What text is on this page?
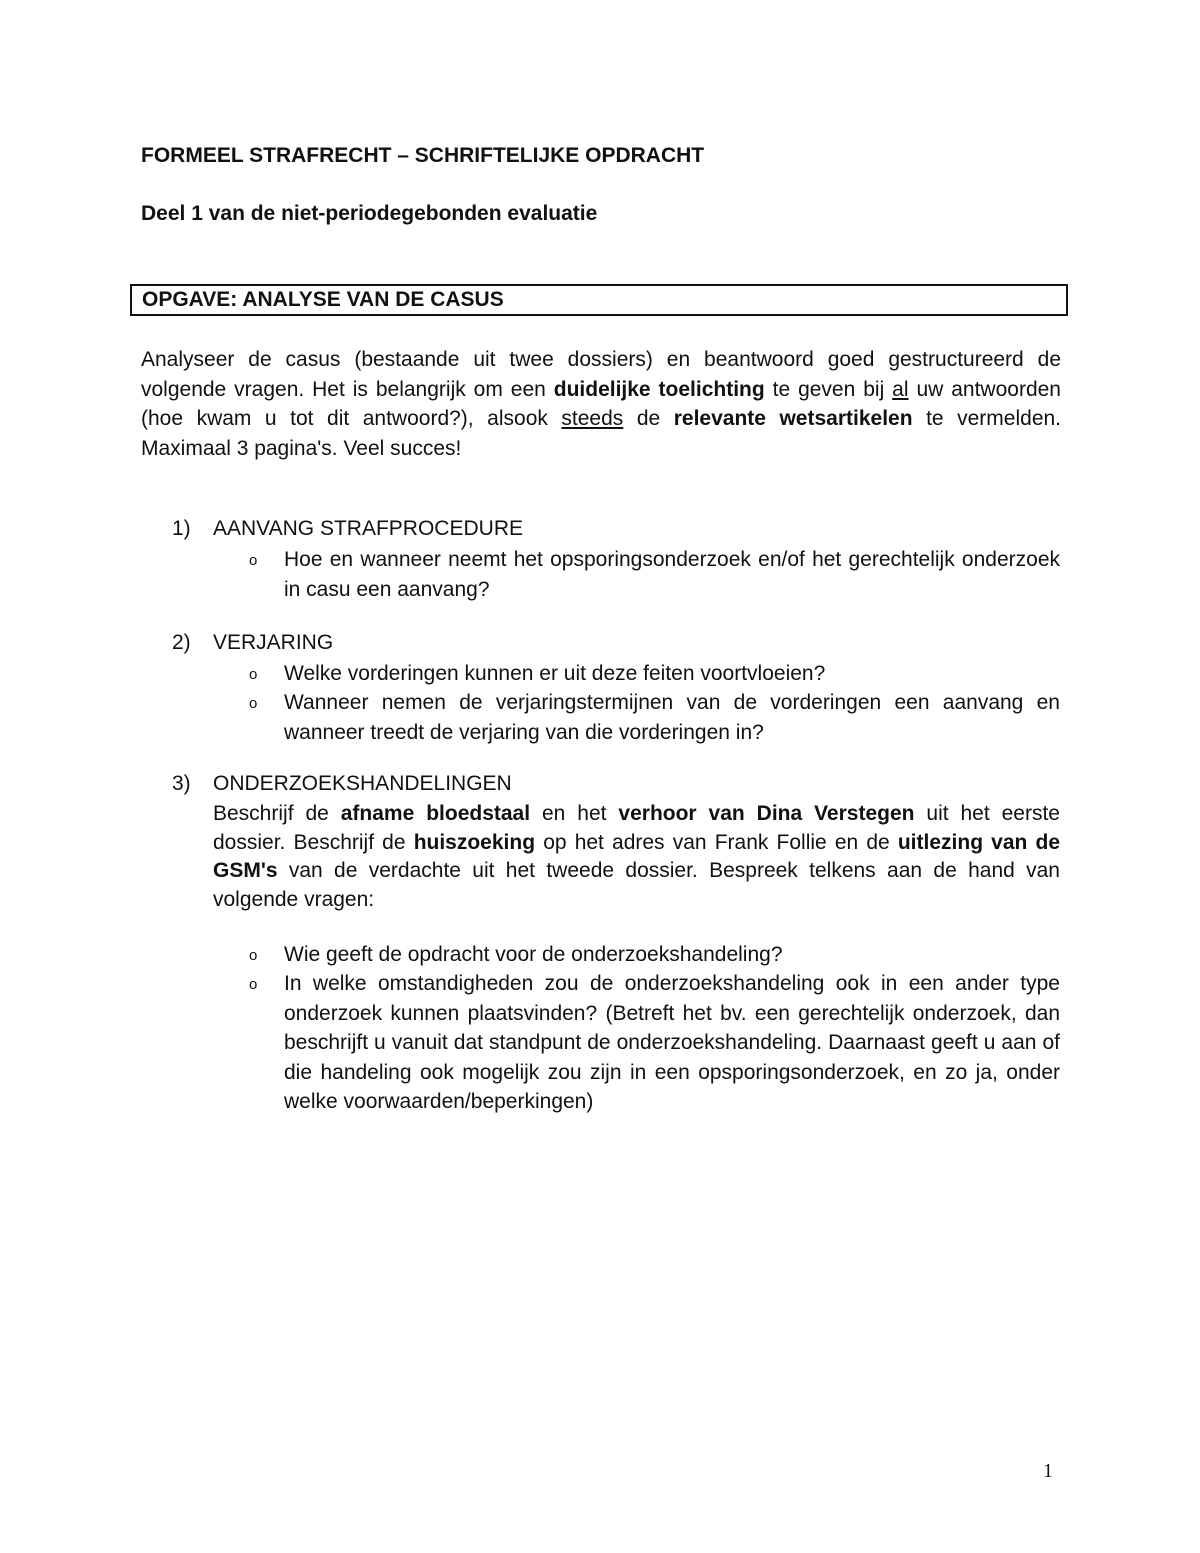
FORMEEL STRAFRECHT – SCHRIFTELIJKE OPDRACHT
Deel 1 van de niet-periodegebonden evaluatie
OPGAVE: ANALYSE VAN DE CASUS

Analyseer de casus (bestaande uit twee dossiers) en beantwoord goed gestructureerd de volgende vragen. Het is belangrijk om een duidelijke toelichting te geven bij al uw antwoorden (hoe kwam u tot dit antwoord?), alsook steeds de relevante wetsartikelen te vermelden. Maximaal 3 pagina's. Veel succes!

1) AANVANG STRAFPROCEDURE
o Hoe en wanneer neemt het opsporingsonderzoek en/of het gerechtelijk onderzoek in casu een aanvang?

2) VERJARING
o Welke vorderingen kunnen er uit deze feiten voortvloeien?

o Wanneer nemen de verjaringstermijnen van de vorderingen een aanvang en wanneer treedt de verjaring van die vorderingen in?

3) ONDERZOEKSHANDELINGEN

Beschrijf de afname bloedstaal en het verhoor van Dina Verstegen uit het eerste dossier. Beschrijf de huiszoeking op het adres van Frank Follie en de uitlezing van de GSM's van de verdachte uit het tweede dossier. Bespreek telkens aan de hand van volgende vragen:

o Wie geeft de opdracht voor de onderzoekshandeling?

o In welke omstandigheden zou de onderzoekshandeling ook in een ander type onderzoek kunnen plaatsvinden? (Betreft het bv. een gerechtelijk onderzoek, dan beschrijft u vanuit dat standpunt de onderzoekshandeling. Daarnaast geeft u aan of die handeling ook mogelijk zou zijn in een opsporingsonderzoek, en zo ja, onder welke voorwaarden/beperkingen)

1
